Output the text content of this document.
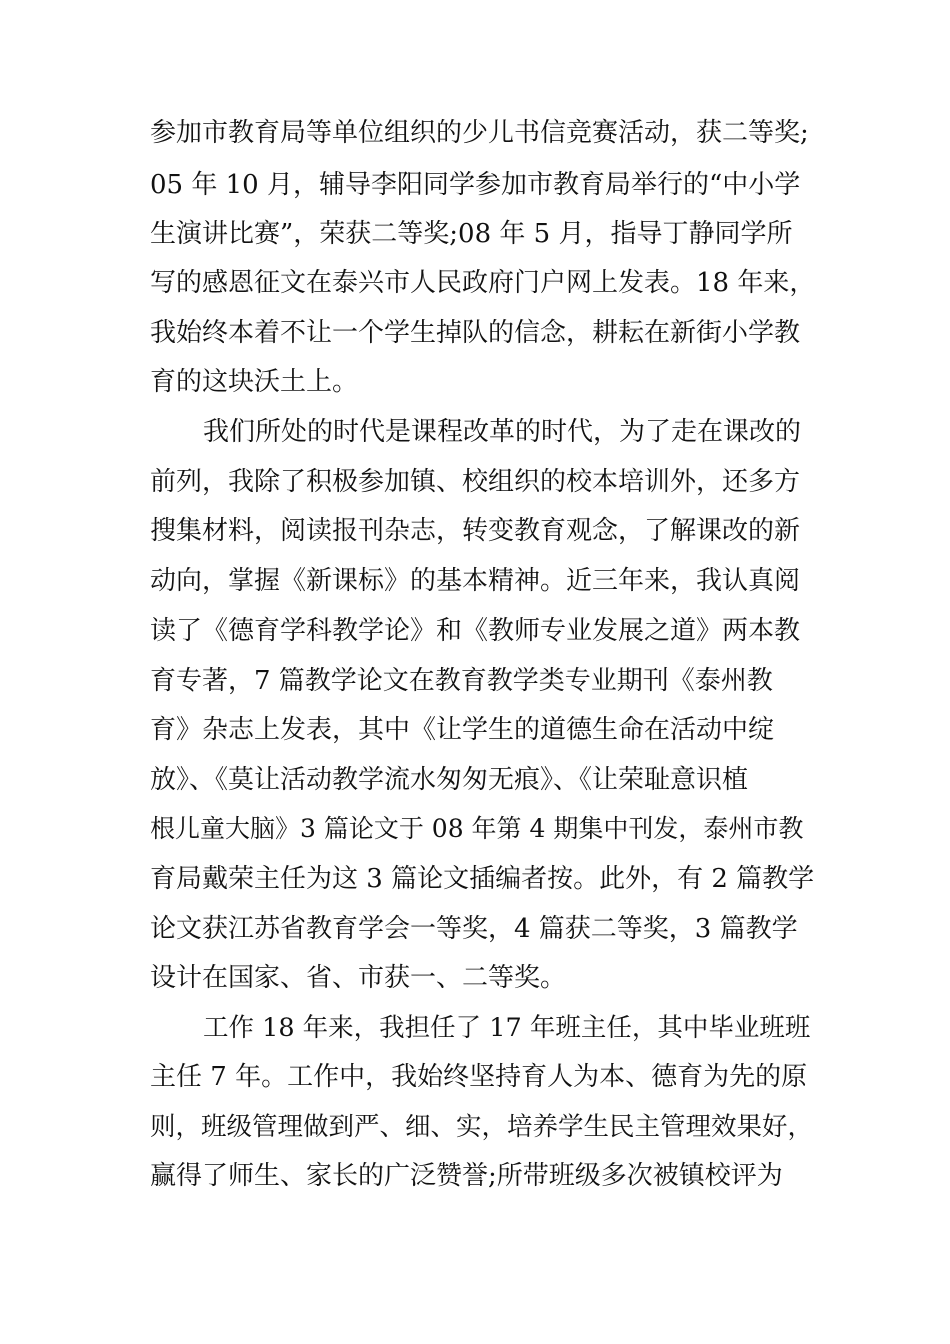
参加市教育局等单位组织的少儿书信竞赛活动，获二等奖;
05 年 10 月，辅导李阳同学参加市教育局举行的“中小学
生演讲比赛”，荣获二等奖;08 年 5 月，指导丁静同学所
写的感恩征文在泰兴市人民政府门户网上发表。18 年来，
我始终本着不让一个学生掉队的信念，耕耘在新街小学教
育的这块沃土上。
我们所处的时代是课程改革的时代，为了走在课改的
前列，我除了积极参加镇、校组织的校本培训外，还多方
搜集材料，阅读报刊杂志，转变教育观念，了解课改的新
动向，掌握《新课标》的基本精神。近三年来，我认真阅
读了《德育学科教学论》和《教师专业发展之道》两本教
育专著，7 篇教学论文在教育教学类专业期刊《泰州教
育》杂志上发表，其中《让学生的道德生命在活动中绽
放》、《莫让活动教学流水匆匆无痕》、《让荣耻意识植
根儿童大脑》3 篇论文于 08 年第 4 期集中刊发，泰州市教
育局戴荣主任为这 3 篇论文插编者按。此外，有 2 篇教学
论文获江苏省教育学会一等奖，4 篇获二等奖，3 篇教学
设计在国家、省、市获一、二等奖。
工作 18 年来，我担任了 17 年班主任，其中毕业班班
主任 7 年。工作中，我始终坚持育人为本、德育为先的原
则，班级管理做到严、细、实，培养学生民主管理效果好，
赢得了师生、家长的广泛赞誉;所带班级多次被镇校评为
